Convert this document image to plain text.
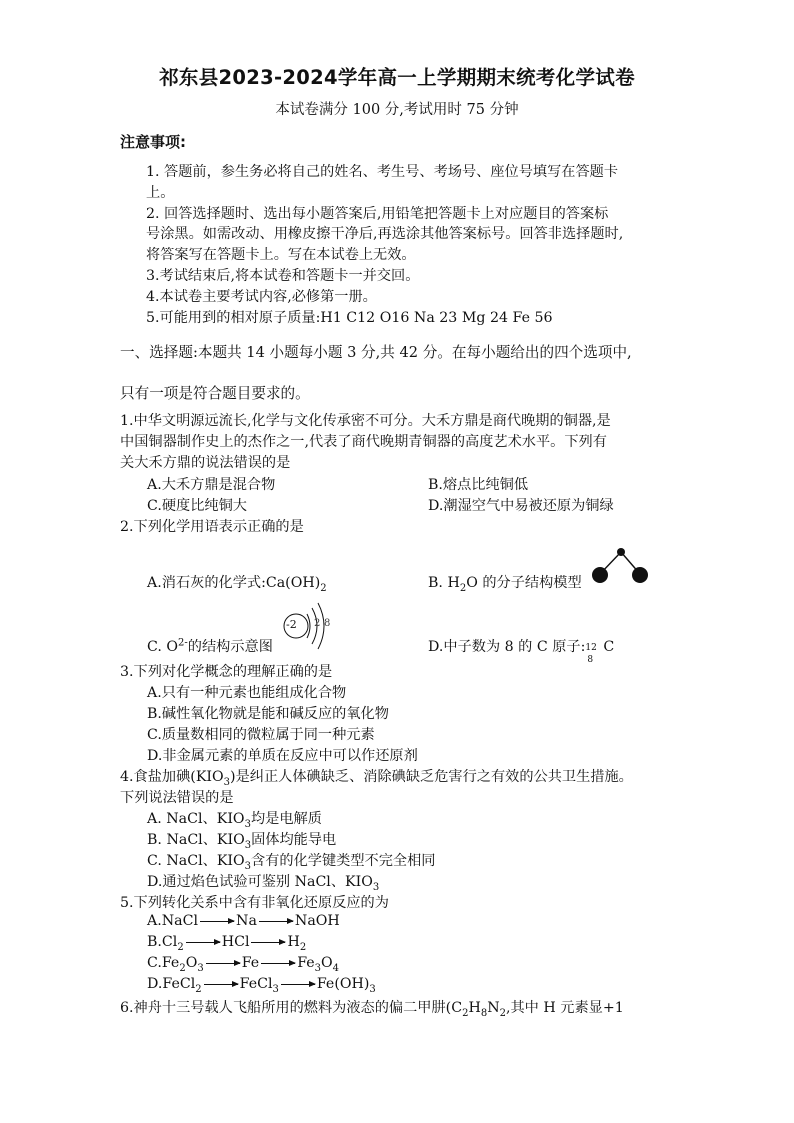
祁东县2023-2024学年高一上学期期末统考化学试卷
本试卷满分 100 分,考试用时 75 分钟
注意事项:
1. 答题前，参生务必将自己的姓名、考生号、考场号、座位号填写在答题卡
上。
2. 回答选择题时、选出每小题答案后,用铅笔把答题卡上对应题目的答案标
号涂黑。如需改动、用橡皮擦干净后,再选涂其他答案标号。回答非选择题时,
将答案写在答题卡上。写在本试卷上无效。
3.考试结束后,将本试卷和答题卡一并交回。
4.本试卷主要考试内容,必修第一册。
5.可能用到的相对原子质量:H1 C12 O16 Na 23 Mg 24 Fe 56
一、选择题:本题共 14 小题每小题 3 分,共 42 分。在每小题给出的四个选项中,
只有一项是符合题目要求的。
1.中华文明源远流长,化学与文化传承密不可分。大禾方鼎是商代晚期的铜器,是
中国铜器制作史上的杰作之一,代表了商代晚期青铜器的高度艺术水平。下列有
关大禾方鼎的说法错误的是
A.大禾方鼎是混合物	B.熔点比纯铜低
C.硬度比纯铜大	D.潮湿空气中易被还原为铜绿
2.下列化学用语表示正确的是
A.消石灰的化学式$:Ca(OH)_2$	B. $H_2O$ 的分子结构模型
C. $O^{2-}$的结构示意图
-2 2 8
D.中子数为 8 的 C 原子: 12
8
C
3.下列对化学概念的理解正确的是
A.只有一种元素也能组成化合物
B.碱性氧化物就是能和碱反应的氧化物
C.质量数相同的微粒属于同一种元素
D.非金属元素的单质在反应中可以作还原剂
4.食盐加碘$(KIO_3)$是纠正人体碘缺乏、消除碘缺乏危害行之有效的公共卫生措施。
下列说法错误的是
A. NaCl、$KIO_3$均是电解质
B. NaCl、$KIO_3$固体均能导电
C. NaCl、$KIO_3$含有的化学键类型不完全相同
D.通过焰色试验可鉴别 NaCl、$KIO_3$
5.下列转化关系中含有非氧化还原反应的为
A.NaCl → Na → NaOH
$B.Cl_2$ → HCl → $H_2$
$C.Fe_2O_3 \to Fe \to Fe_3O_4$
D.FeCl$_2$ → FeCl$_3$ → $Fe(OH)_3$
6.神舟十三号载人飞船所用的燃料为液态的偏二甲肼($C_2H_8N_2$,其中 H 元素显+1
